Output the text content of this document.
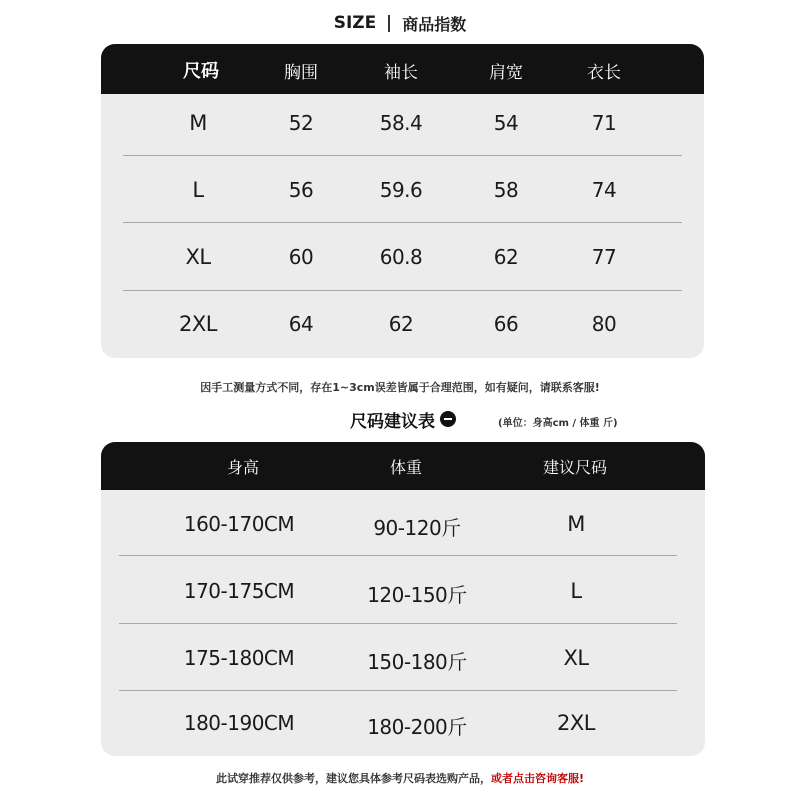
SIZE 商品指数
尺码	胸围	袖长	肩宽	衣长
M	52	58.4	54	71
L	56	59.6	58	74
XL	60	60.8	62	77
2XL	64	62	66	80
因手工测量方式不同，存在1~3cm误差皆属于合理范围，如有疑问，请联系客服!
尺码建议表	(单位：身高cm / 体重 斤)
身高	体重	建议尺码
160-170CM	90-120斤	M
170-175CM	120-150斤	L
175-180CM	150-180斤	XL
180-190CM	180-200斤	2XL
此试穿推荐仅供参考，建议您具体参考尺码表选购产品，或者点击咨询客服!
